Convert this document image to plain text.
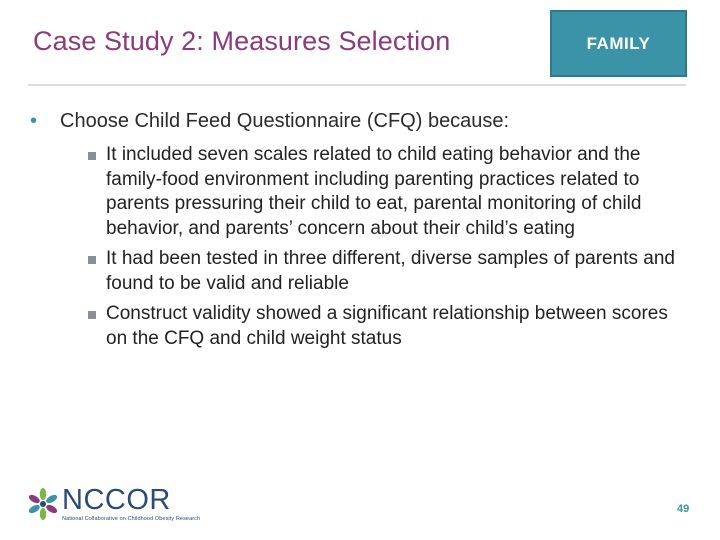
Case Study 2: Measures Selection	FAMILY
•	Choose Child Feed Questionnaire (CFQ) because:
It included seven scales related to child eating behavior and the family-food environment including parenting practices related to parents pressuring their child to eat, parental monitoring of child behavior, and parents’ concern about their child’s eating
It had been tested in three different, diverse samples of parents and found to be valid and reliable
Construct validity showed a significant relationship between scores on the CFQ and child weight status
NCCOR
National Collaborative on Childhood Obesity Research
49
